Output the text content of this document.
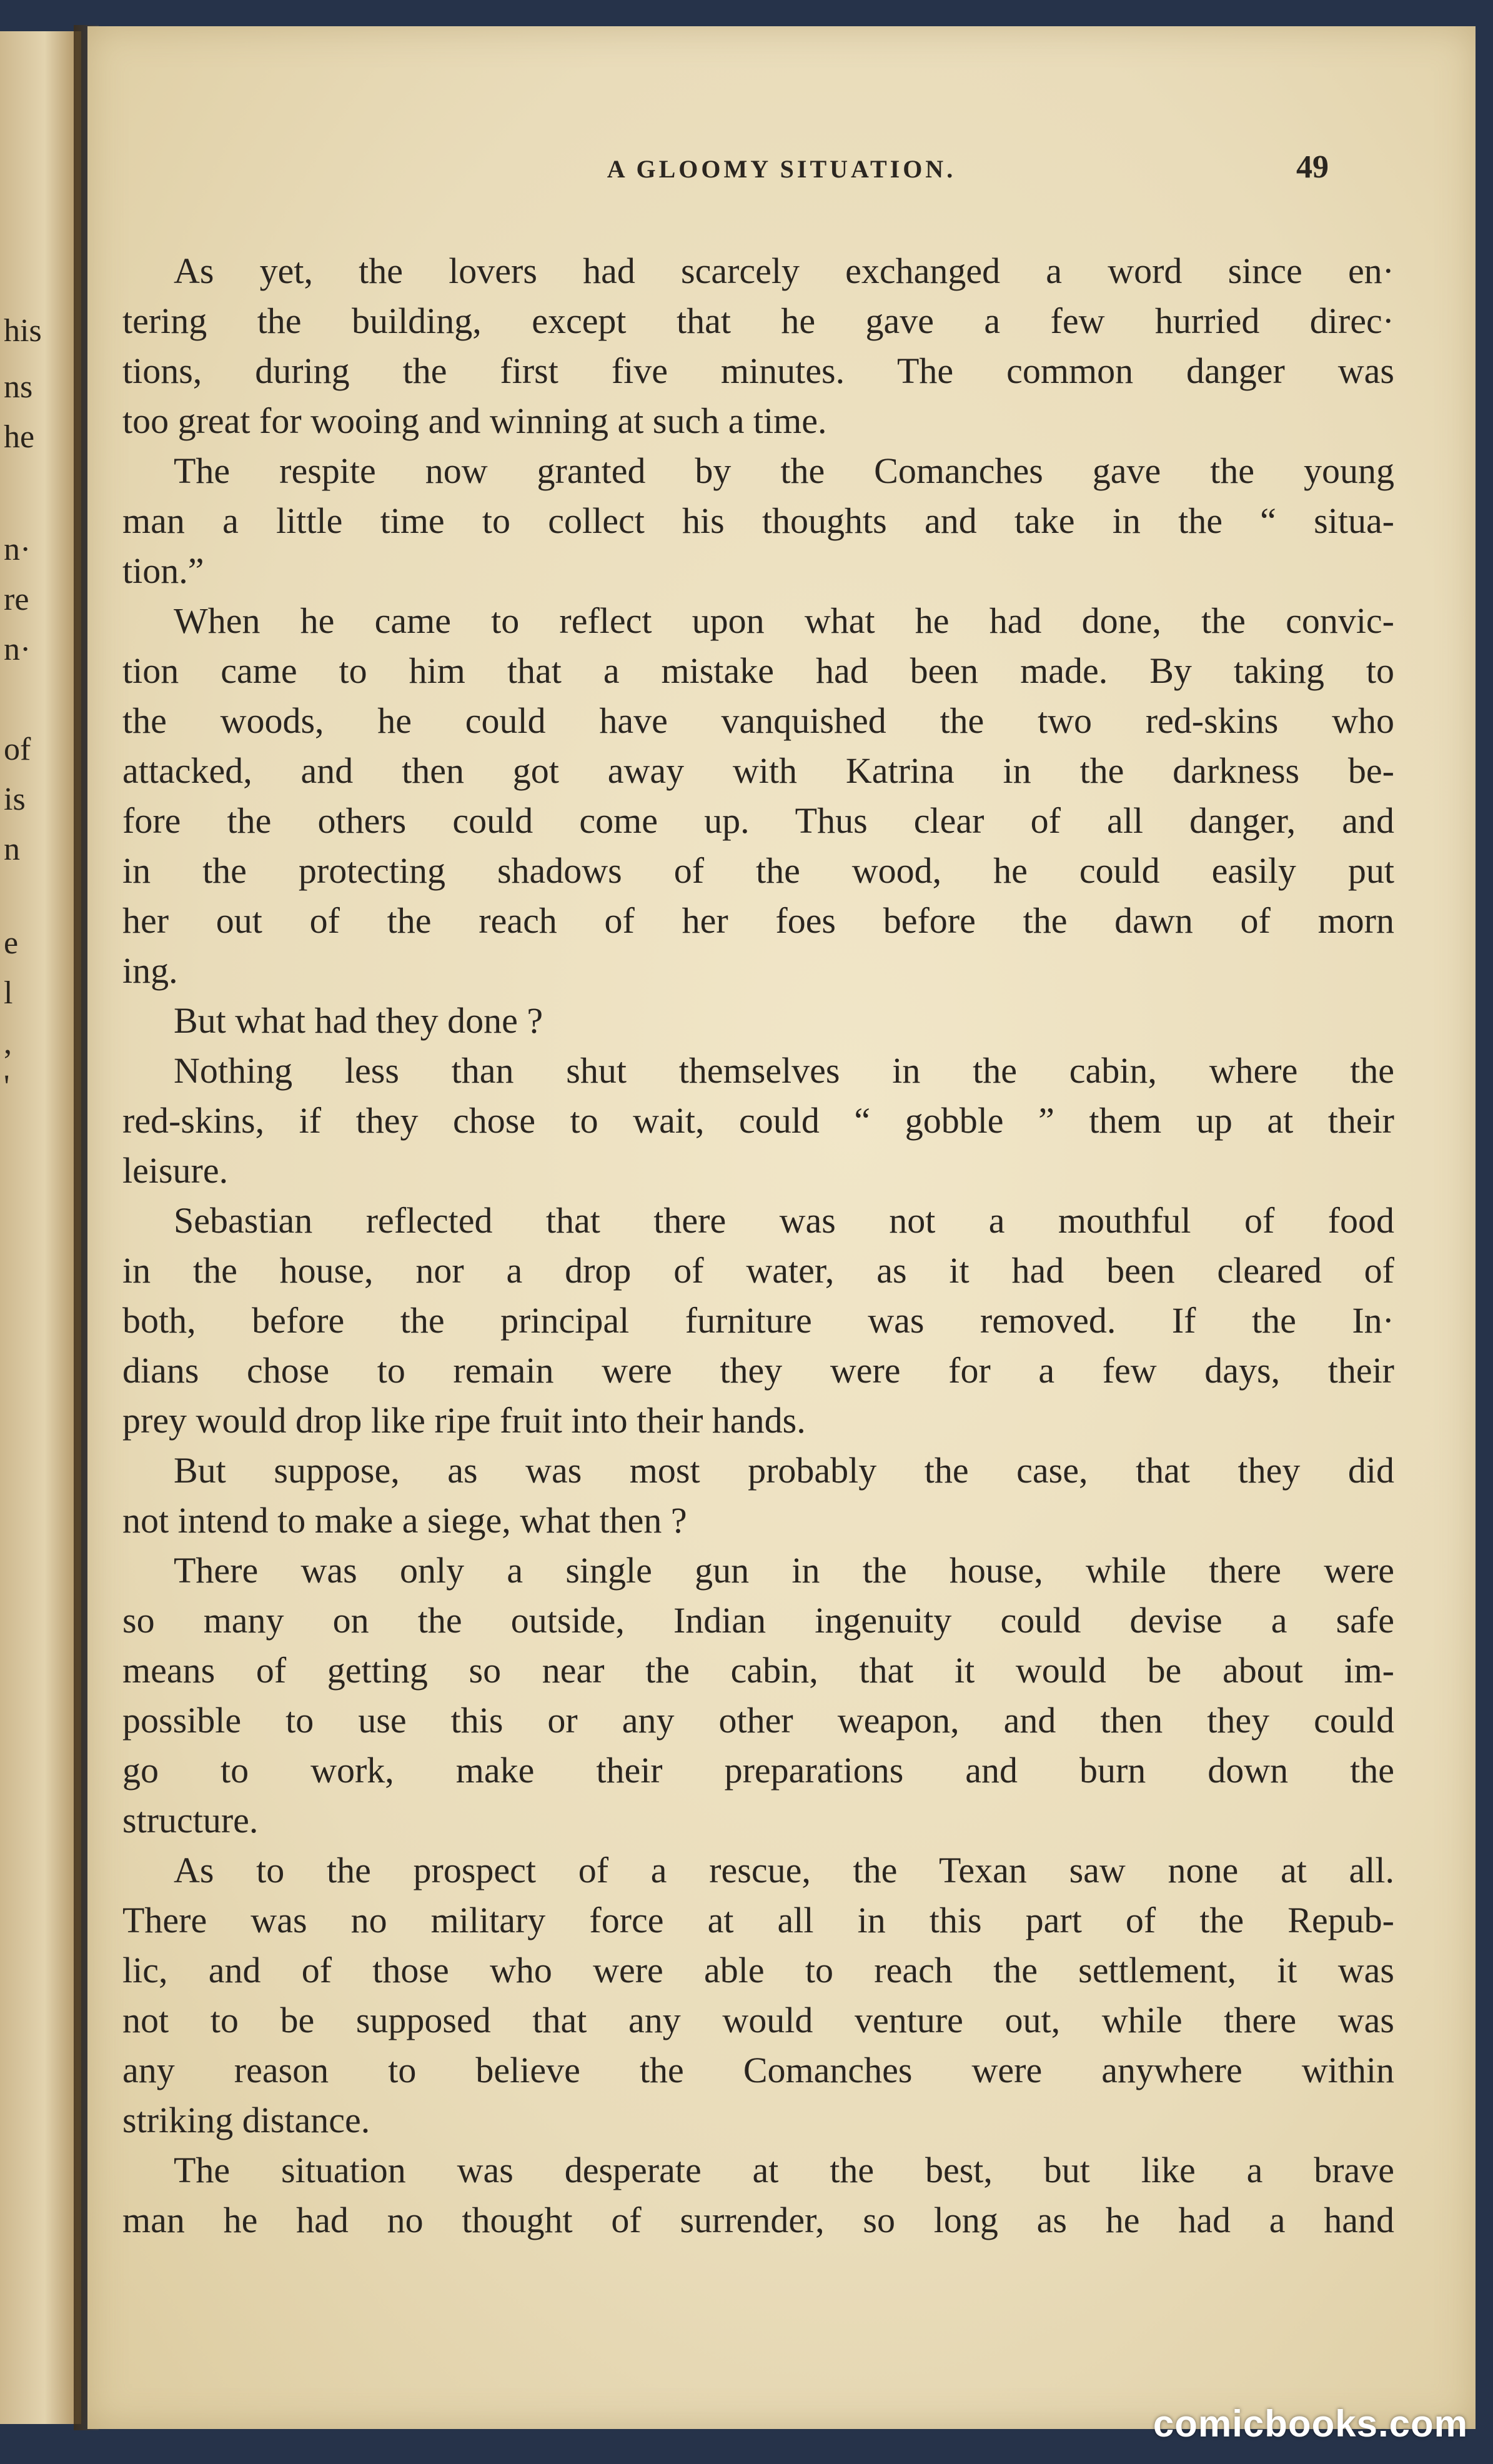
his
ns
he
n·
re
n·
of
is
n
e
l
,
'
A GLOOMY SITUATION.	49
As yet, the lovers had scarcely exchanged a word since en·
tering the building, except that he gave a few hurried direc·
tions, during the first five minutes. The common danger was
too great for wooing and winning at such a time.
The respite now granted by the Comanches gave the young
man a little time to collect his thoughts and take in the “ situa-
tion.”
When he came to reflect upon what he had done, the convic-
tion came to him that a mistake had been made. By taking to
the woods, he could have vanquished the two red-skins who
attacked, and then got away with Katrina in the darkness be-
fore the others could come up. Thus clear of all danger, and
in the protecting shadows of the wood, he could easily put
her out of the reach of her foes before the dawn of morn
ing.
But what had they done ?
Nothing less than shut themselves in the cabin, where the
red-skins, if they chose to wait, could “ gobble ” them up at their
leisure.
Sebastian reflected that there was not a mouthful of food
in the house, nor a drop of water, as it had been cleared of
both, before the principal furniture was removed. If the In·
dians chose to remain were they were for a few days, their
prey would drop like ripe fruit into their hands.
But suppose, as was most probably the case, that they did
not intend to make a siege, what then ?
There was only a single gun in the house, while there were
so many on the outside, Indian ingenuity could devise a safe
means of getting so near the cabin, that it would be about im-
possible to use this or any other weapon, and then they could
go to work, make their preparations and burn down the
structure.
As to the prospect of a rescue, the Texan saw none at all.
There was no military force at all in this part of the Repub-
lic, and of those who were able to reach the settlement, it was
not to be supposed that any would venture out, while there was
any reason to believe the Comanches were anywhere within
striking distance.
The situation was desperate at the best, but like a brave
man he had no thought of surrender, so long as he had a hand
comicbooks.com
